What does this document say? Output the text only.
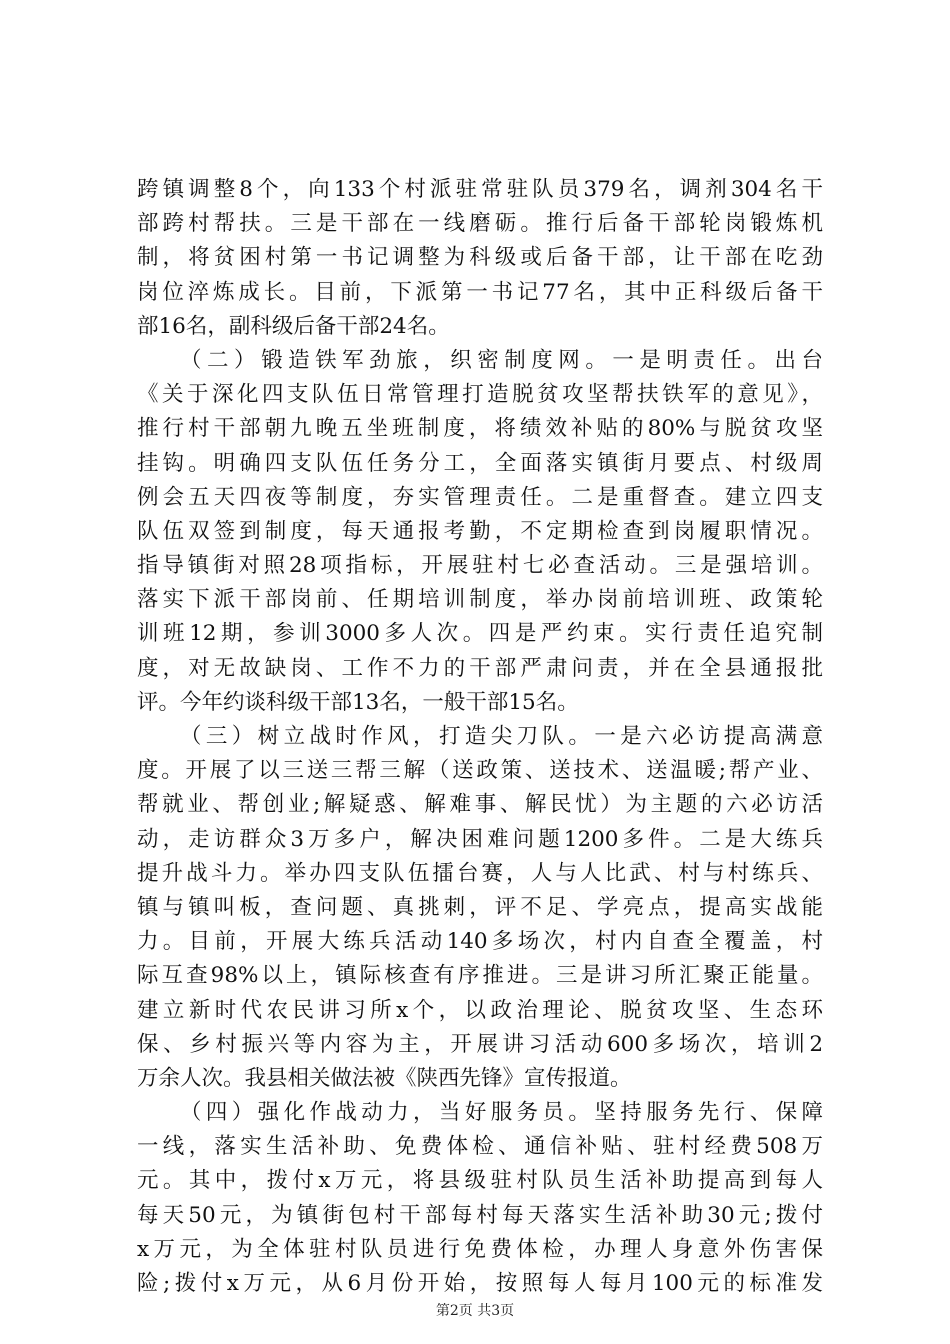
跨镇调整8个，向133个村派驻常驻队员379名，调剂304名干
部跨村帮扶。三是干部在一线磨砺。推行后备干部轮岗锻炼机
制，将贫困村第一书记调整为科级或后备干部，让干部在吃劲
岗位淬炼成长。目前，下派第一书记77名，其中正科级后备干
部16名，副科级后备干部24名。
（二）锻造铁军劲旅，织密制度网。一是明责任。出台
《关于深化四支队伍日常管理打造脱贫攻坚帮扶铁军的意见》，
推行村干部朝九晚五坐班制度，将绩效补贴的80%与脱贫攻坚
挂钩。明确四支队伍任务分工，全面落实镇街月要点、村级周
例会五天四夜等制度，夯实管理责任。二是重督查。建立四支
队伍双签到制度，每天通报考勤，不定期检查到岗履职情况。
指导镇街对照28项指标，开展驻村七必查活动。三是强培训。
落实下派干部岗前、任期培训制度，举办岗前培训班、政策轮
训班12期，参训3000多人次。四是严约束。实行责任追究制
度，对无故缺岗、工作不力的干部严肃问责，并在全县通报批
评。今年约谈科级干部13名，一般干部15名。
（三）树立战时作风，打造尖刀队。一是六必访提高满意
度。开展了以三送三帮三解（送政策、送技术、送温暖;帮产业、
帮就业、帮创业;解疑惑、解难事、解民忧）为主题的六必访活
动，走访群众3万多户，解决困难问题1200多件。二是大练兵
提升战斗力。举办四支队伍擂台赛，人与人比武、村与村练兵、
镇与镇叫板，查问题、真挑刺，评不足、学亮点，提高实战能
力。目前，开展大练兵活动140多场次，村内自查全覆盖，村
际互查98%以上，镇际核查有序推进。三是讲习所汇聚正能量。
建立新时代农民讲习所x个，以政治理论、脱贫攻坚、生态环
保、乡村振兴等内容为主，开展讲习活动600多场次，培训2
万余人次。我县相关做法被《陕西先锋》宣传报道。
（四）强化作战动力，当好服务员。坚持服务先行、保障
一线，落实生活补助、免费体检、通信补贴、驻村经费508万
元。其中，拨付x万元，将县级驻村队员生活补助提高到每人
每天50元，为镇街包村干部每村每天落实生活补助30元;拨付
x万元，为全体驻村队员进行免费体检，办理人身意外伤害保
险;拨付x万元，从6月份开始，按照每人每月100元的标准发
第2页 共3页
